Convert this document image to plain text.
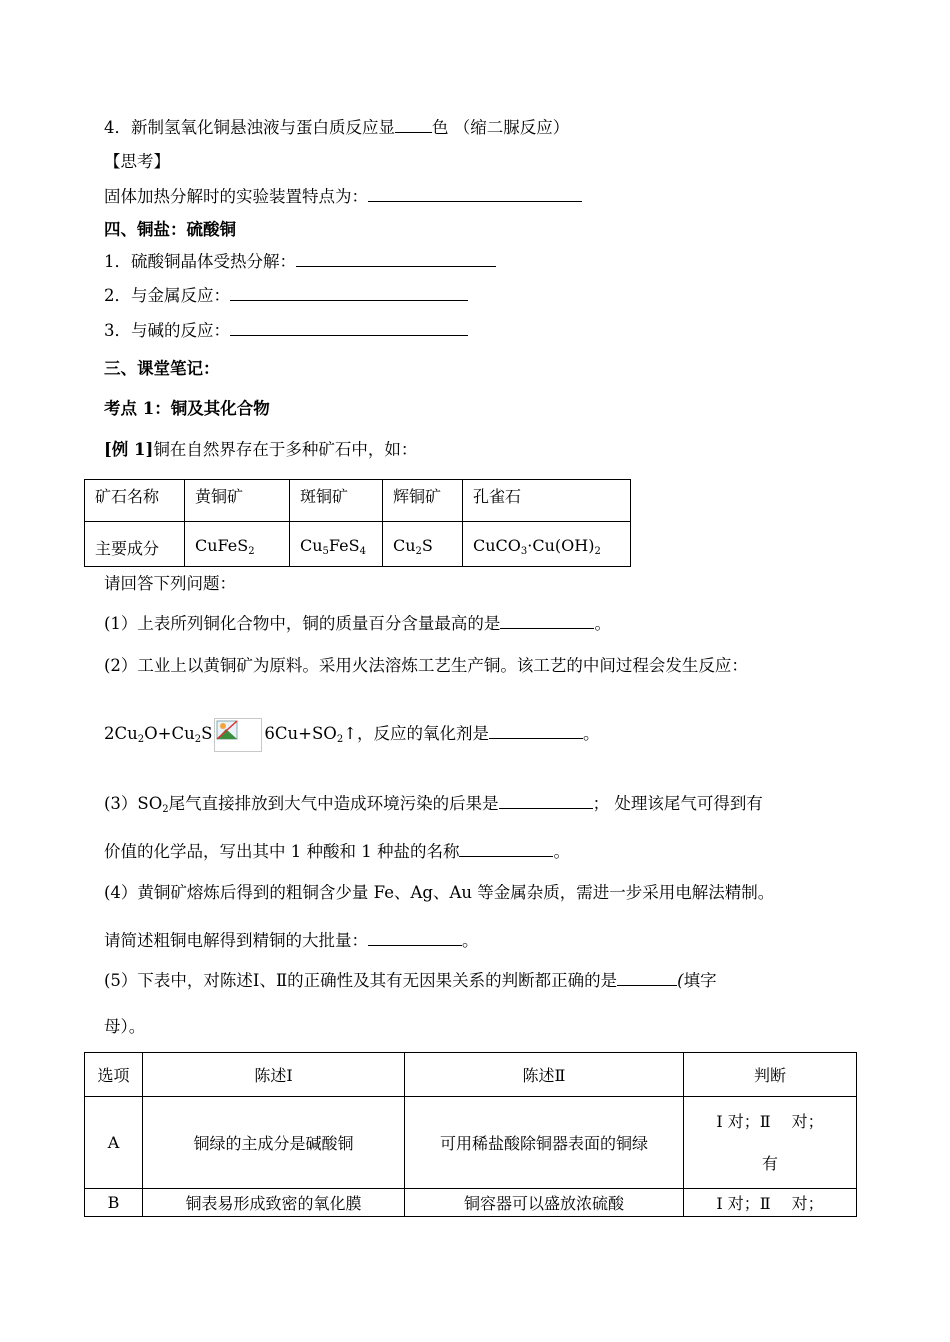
4．新制氢氧化铜悬浊液与蛋白质反应显 色 （缩二脲反应）
【思考】
固体加热分解时的实验装置特点为：
四、铜盐：硫酸铜
1．硫酸铜晶体受热分解：
2．与金属反应：
3．与碱的反应：
三、课堂笔记：
考点 1：铜及其化合物
[例 1]铜在自然界存在于多种矿石中，如：
矿石名称	黄铜矿	斑铜矿	辉铜矿	孔雀石
主要成分	CuFeS$_2$	$Cu_5FeS_4$	$Cu_2S$	$CuCO_3\cdot Cu(OH)_2$
请回答下列问题：
(1）上表所列铜化合物中，铜的质量百分含量最高的是	。
(2）工业上以黄铜矿为原料。采用火法溶炼工艺生产铜。该工艺的中间过程会发生反应：
$2Cu_2O+Cu_2S$	$6Cu+SO_2↑$，反应的氧化剂是	。
$(3)SO_2$尾气直接排放到大气中造成环境污染的后果是	； 处理该尾气可得到有
价值的化学品，写出其中 1 种酸和 1 种盐的名称	。
(4）黄铜矿熔炼后得到的粗铜含少量 Fe、Ag、Au 等金属杂质，需进一步采用电解法精制。
请简述粗铜电解得到精铜的大批量：	。
(5）下表中，对陈述Ⅰ、Ⅱ的正确性及其有无因果关系的判断都正确的是	(填字
母）。
选项	陈述Ⅰ	陈述Ⅱ	判断
A	铜绿的主成分是碱酸铜	可用稀盐酸除铜器表面的铜绿	Ⅰ 对；Ⅱ　 对；
有

B	铜表易形成致密的氧化膜	铜容器可以盛放浓硫酸	Ⅰ 对；Ⅱ　 对；
